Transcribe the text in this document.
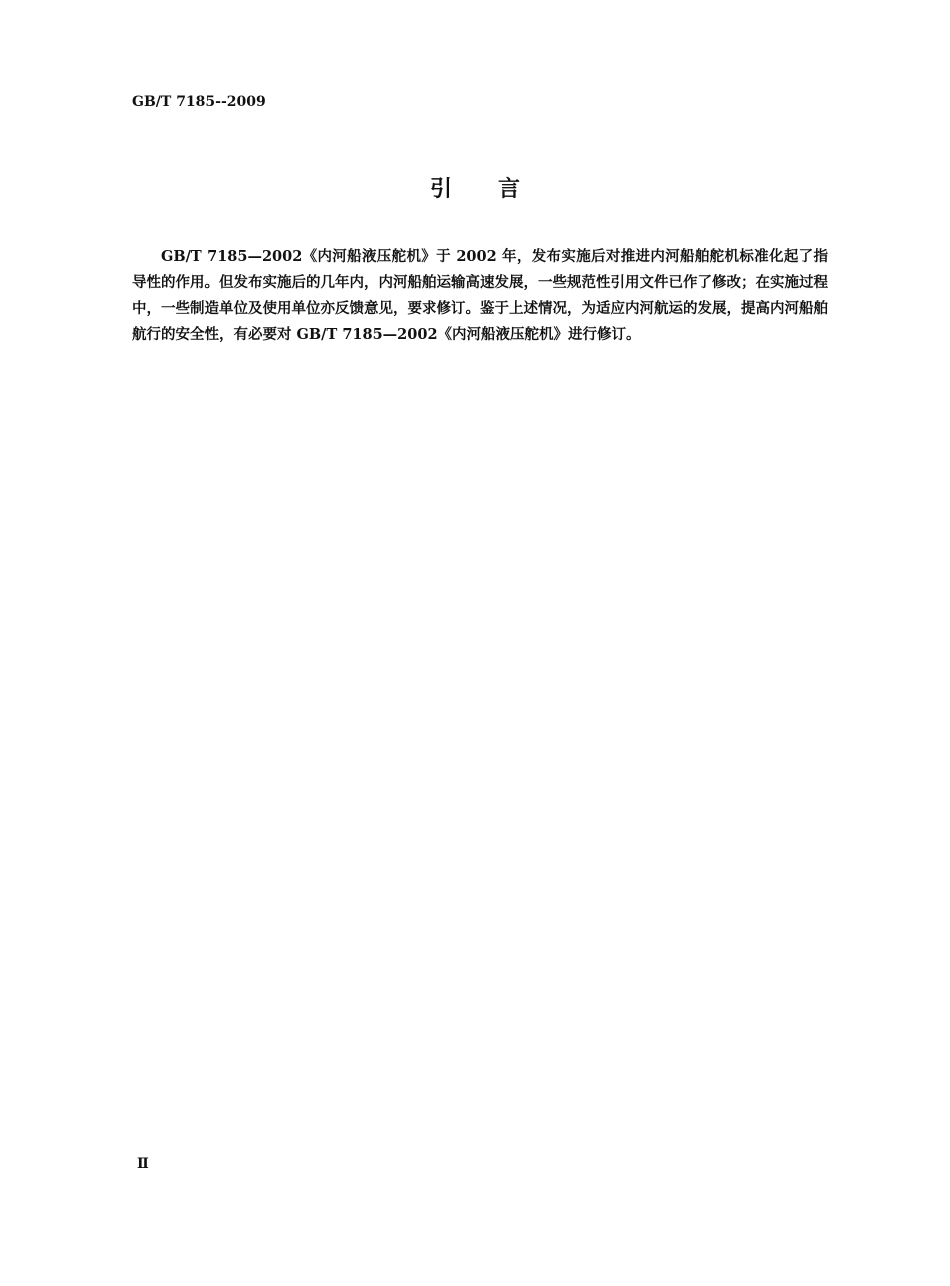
GB/T 7185--2009
引言

GB/T 7185—2002《内河船液压舵机》于 2002 年，发布实施后对推进内河船舶舵机标准化起了指导性的作用。但发布实施后的几年内，内河船舶运输高速发展，一些规范性引用文件已作了修改；在实施过程中，一些制造单位及使用单位亦反馈意见，要求修订。鉴于上述情况，为适应内河航运的发展，提高内河船舶航行的安全性，有必要对 GB/T 7185—2002《内河船液压舵机》进行修订。

Ⅱ
